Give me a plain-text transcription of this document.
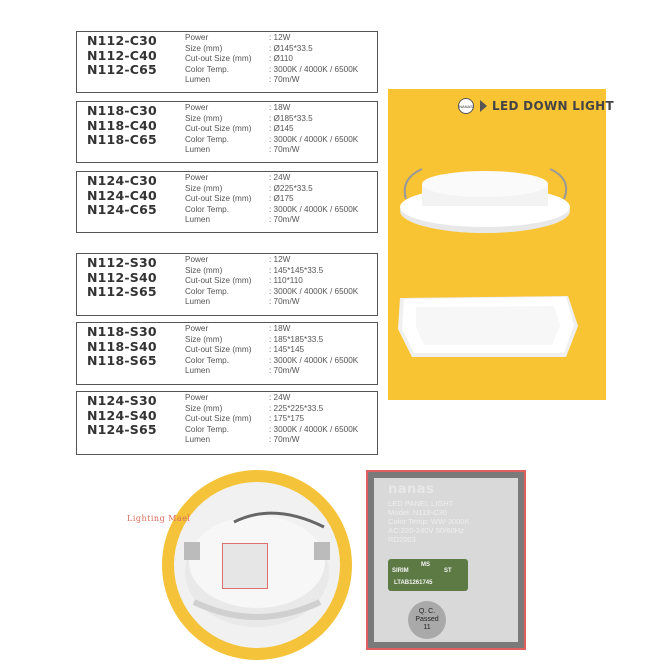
N112-C30
N112-C40
N112-C65
Power	: 12W
Size (mm)	: Ø145*33.5
Cut-out Size (mm)	: Ø110
Color Temp.	: 3000K / 4000K / 6500K
Lumen	: 70m/W
N118-C30
N118-C40
N118-C65
Power	: 18W
Size (mm)	: Ø185*33.5
Cut-out Size (mm)	: Ø145
Color Temp.	: 3000K / 4000K / 6500K
Lumen	: 70m/W
N124-C30
N124-C40
N124-C65
Power	: 24W
Size (mm)	: Ø225*33.5
Cut-out Size (mm)	: Ø175
Color Temp.	: 3000K / 4000K / 6500K
Lumen	: 70m/W
N112-S30
N112-S40
N112-S65
Power	: 12W
Size (mm)	: 145*145*33.5
Cut-out Size (mm)	: 110*110
Color Temp.	: 3000K / 4000K / 6500K
Lumen	: 70m/W
N118-S30
N118-S40
N118-S65
Power	: 18W
Size (mm)	: 185*185*33.5
Cut-out Size (mm)	: 145*145
Color Temp.	: 3000K / 4000K / 6500K
Lumen	: 70m/W
N124-S30
N124-S40
N124-S65
Power	: 24W
Size (mm)	: 225*225*33.5
Cut-out Size (mm)	: 175*175
Color Temp.	: 3000K / 4000K / 6500K
Lumen	: 70m/W
NANAS LED DOWN LIGHT
Lighting Mael
nanas
LED PANEL LIGHT
Model: N118-C30
Color Temp: WW-3000K
AC:220-240V 50/60Hz
RD2003
SIRIM
MS
ST
LTAB1261745
Q. C.
Passed
11
